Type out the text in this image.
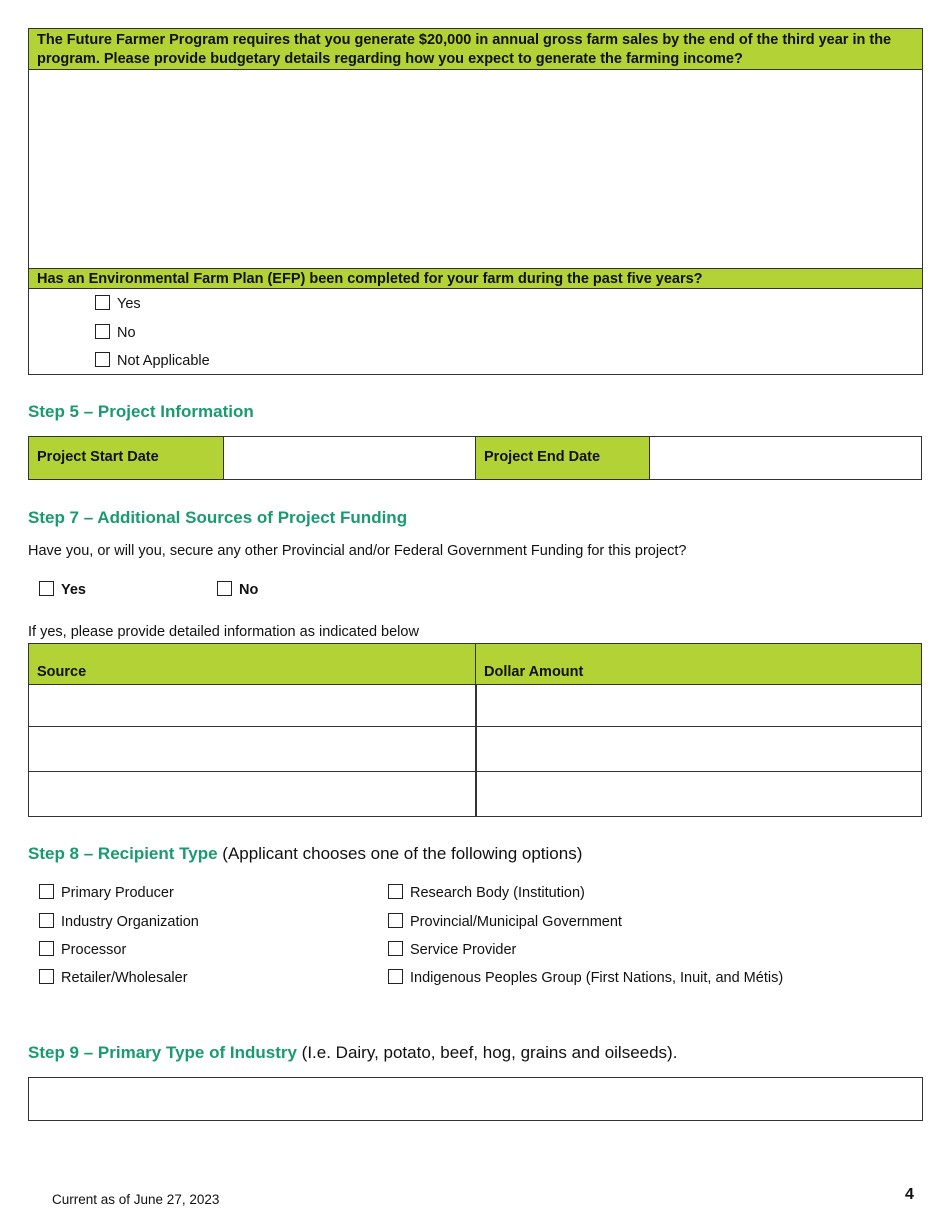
The Future Farmer Program requires that you generate $20,000 in annual gross farm sales by the end of the third year in the program. Please provide budgetary details regarding how you expect to generate the farming income?
Has an Environmental Farm Plan (EFP) been completed for your farm during the past five years?
Yes
No
Not Applicable
Step 5 – Project Information
Project Start Date	Project End Date
Step 7 – Additional Sources of Project Funding
Have you, or will you, secure any other Provincial and/or Federal Government Funding for this project?
Yes	No
If yes, please provide detailed information as indicated below
Source	Dollar Amount
Step 8 – Recipient Type (Applicant chooses one of the following options)
Primary Producer
Industry Organization
Processor
Retailer/Wholesaler
Research Body (Institution)
Provincial/Municipal Government
Service Provider
Indigenous Peoples Group (First Nations, Inuit, and Métis)
Step 9 – Primary Type of Industry (I.e. Dairy, potato, beef, hog, grains and oilseeds).
Current as of June 27, 2023	4
